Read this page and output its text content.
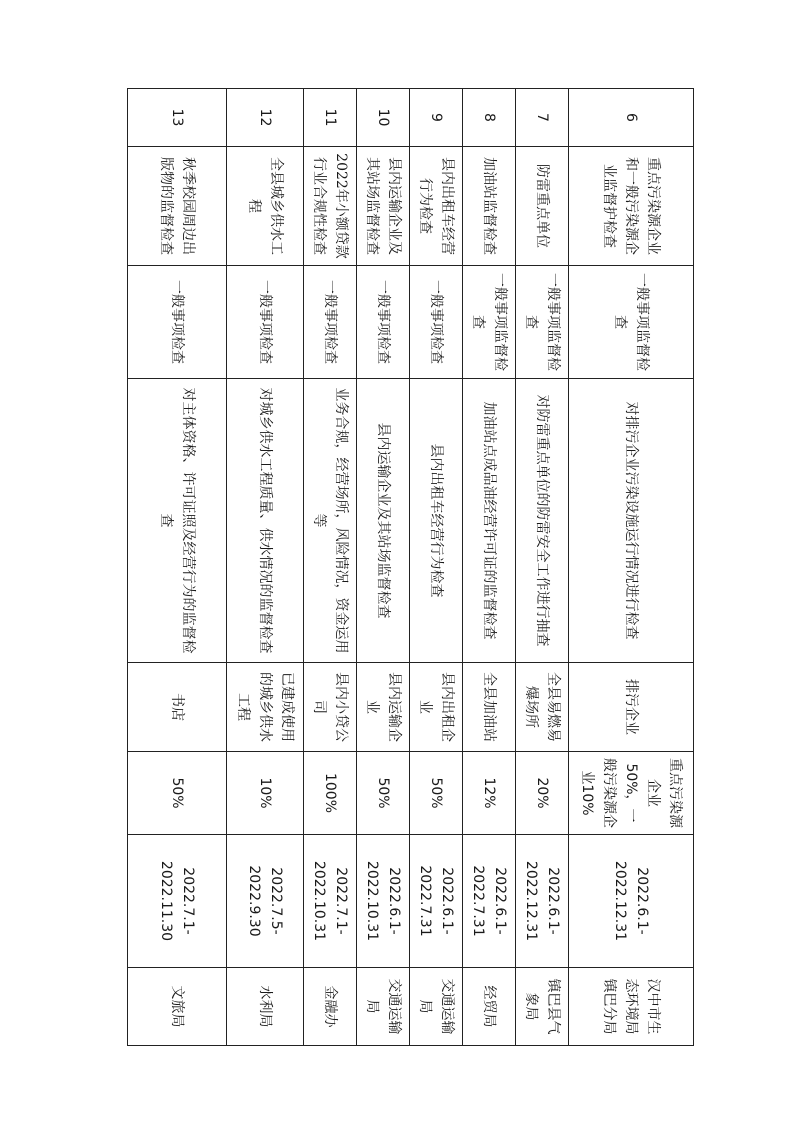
6	重点污染源企业和一般污染源企业监督护检查	一般事项监督检查	对排污企业污染设施运行情况进行检查	排污企业	重点污染源企业50%，一般污染源企业10%	2022.6.1-2022.12.31	汉中市生态环境局镇巴分局
7	防雷重点单位	一般事项监督检查	对防雷重点单位的防雷安全工作进行抽查	全县易燃易爆场所	20%	2022.6.1-2022.12.31	镇巴县气象局
8	加油站监督检查	一般事项监督检查	加油站点成品油经营许可证的监督检查	全县加油站	12%	2022.6.1-2022.7.31	经贸局
9	县内出租车经营行为检查	一般事项检查	县内出租车经营行为检查	县内出租企业	50%	2022.6.1-2022.7.31	交通运输局
10	县内运输企业及其站场监督检查	一般事项检查	县内运输企业及其站场监督检查	县内运输企业	50%	2022.6.1-2022.10.31	交通运输局
11	2022年小额贷款行业合规性检查	一般事项检查	业务合规，经营场所，风险情况，资金运用等	县内小贷公司	100%	2022.7.1-2022.10.31	金融办
12	全县城乡供水工程	一般事项检查	对城乡供水工程质量、供水情况的监督检查	已建成使用的城乡供水工程	10%	2022.7.5-2022.9.30	水利局
13	秋季校园周边出版物的监督检查	一般事项检查	对主体资格、许可证照及经营行为的监督检查	书店	50%	2022.7.1-2022.11.30	文旅局
